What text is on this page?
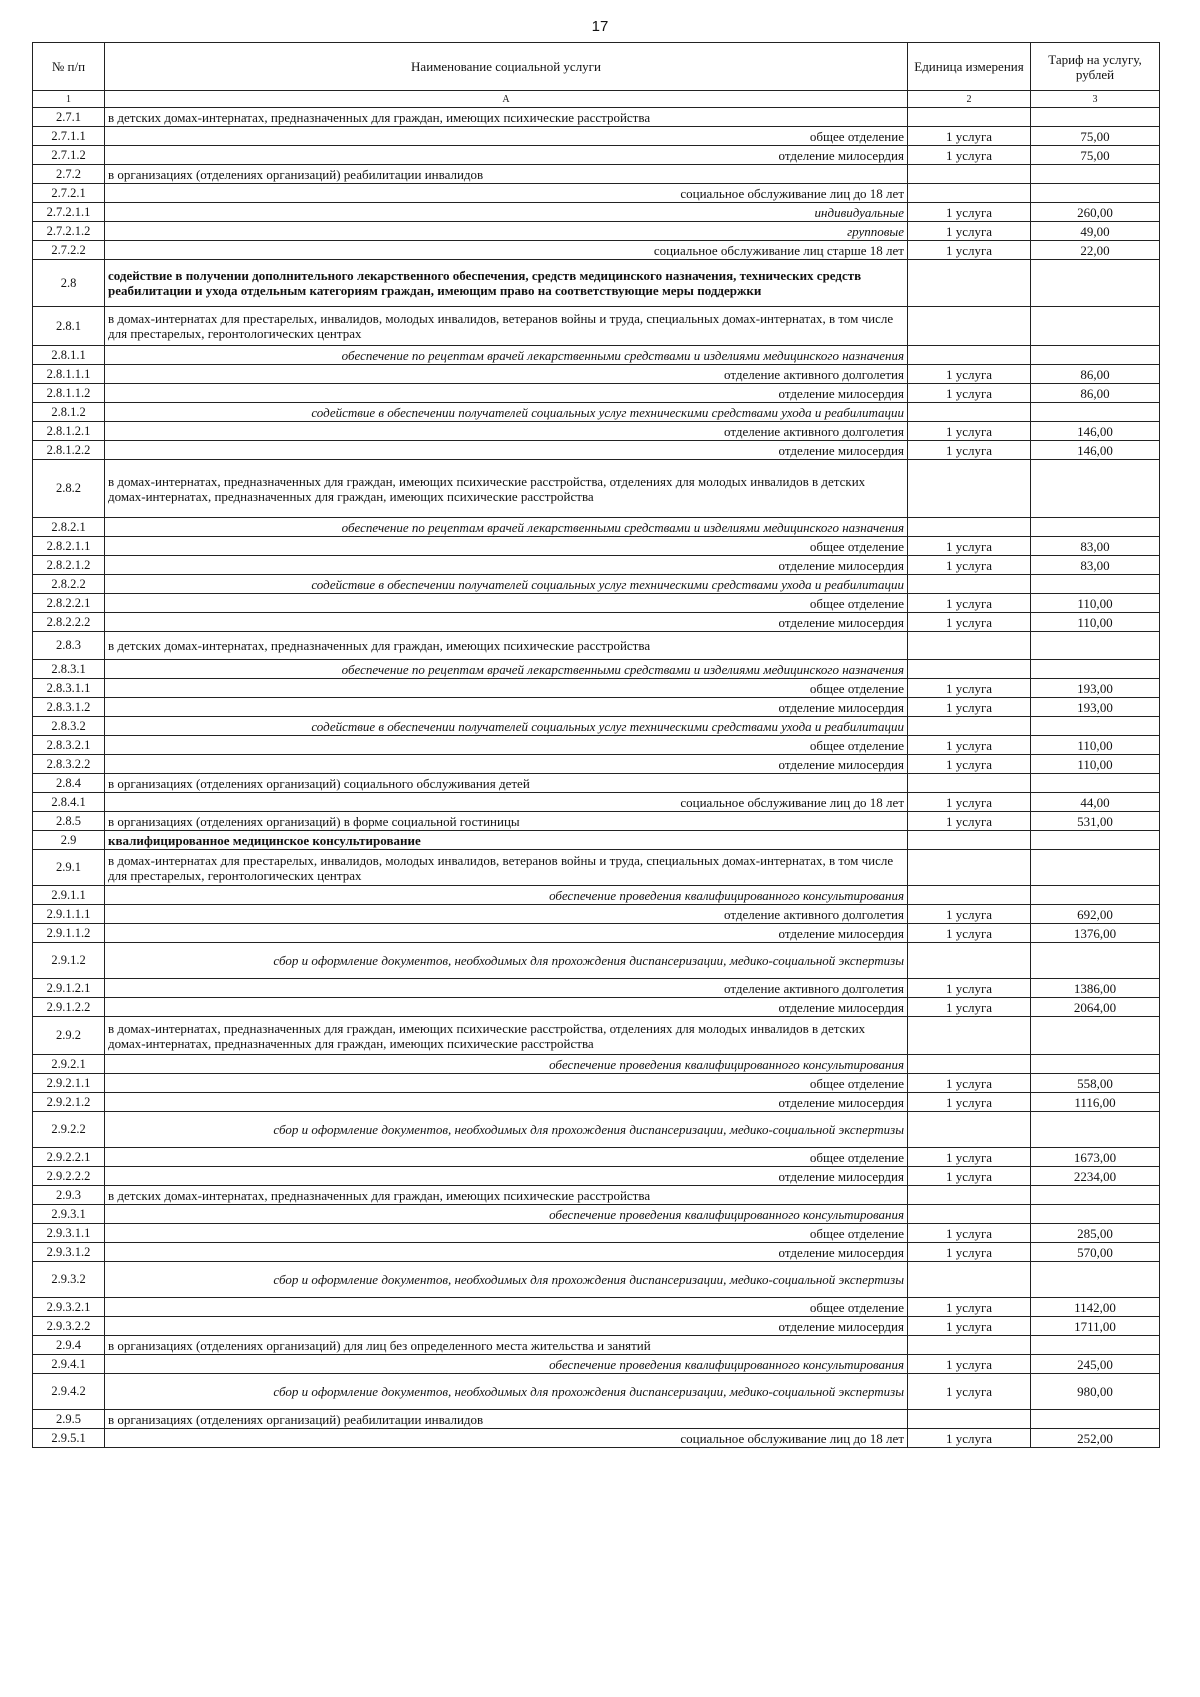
17
№ п/п	Наименование социальной услуги	Единица измерения	Тариф на услугу, рублей
1	А	2	3
2.7.1	в детских домах-интернатах, предназначенных для граждан, имеющих психические расстройства		
2.7.1.1	общее отделение	1 услуга	75,00
2.7.1.2	отделение милосердия	1 услуга	75,00
2.7.2	в организациях (отделениях организаций) реабилитации инвалидов		
2.7.2.1	социальное обслуживание лиц до 18 лет		
2.7.2.1.1	индивидуальные	1 услуга	260,00
2.7.2.1.2	групповые	1 услуга	49,00
2.7.2.2	социальное обслуживание лиц старше 18 лет	1 услуга	22,00
2.8	содействие в получении дополнительного лекарственного обеспечения, средств медицинского назначения, технических средств реабилитации и ухода отдельным категориям граждан, имеющим право на соответствующие меры поддержки		
2.8.1	в домах-интернатах для престарелых, инвалидов, молодых инвалидов, ветеранов войны и труда, специальных домах-интернатах, в том числе для престарелых, геронтологических центрах		
2.8.1.1	обеспечение по рецептам врачей лекарственными средствами и изделиями медицинского назначения		
2.8.1.1.1	отделение активного долголетия	1 услуга	86,00
2.8.1.1.2	отделение милосердия	1 услуга	86,00
2.8.1.2	содействие в обеспечении получателей социальных услуг техническими средствами ухода и реабилитации		
2.8.1.2.1	отделение активного долголетия	1 услуга	146,00
2.8.1.2.2	отделение милосердия	1 услуга	146,00
2.8.2	в домах-интернатах, предназначенных для граждан, имеющих психические расстройства, отделениях для молодых инвалидов в детских домах-интернатах, предназначенных для граждан, имеющих психические расстройства		
2.8.2.1	обеспечение по рецептам врачей лекарственными средствами и изделиями медицинского назначения		
2.8.2.1.1	общее отделение	1 услуга	83,00
2.8.2.1.2	отделение милосердия	1 услуга	83,00
2.8.2.2	содействие в обеспечении получателей социальных услуг техническими средствами ухода и реабилитации		
2.8.2.2.1	общее отделение	1 услуга	110,00
2.8.2.2.2	отделение милосердия	1 услуга	110,00
2.8.3	в детских домах-интернатах, предназначенных для граждан, имеющих психические расстройства		
2.8.3.1	обеспечение по рецептам врачей лекарственными средствами и изделиями медицинского назначения		
2.8.3.1.1	общее отделение	1 услуга	193,00
2.8.3.1.2	отделение милосердия	1 услуга	193,00
2.8.3.2	содействие в обеспечении получателей социальных услуг техническими средствами ухода и реабилитации		
2.8.3.2.1	общее отделение	1 услуга	110,00
2.8.3.2.2	отделение милосердия	1 услуга	110,00
2.8.4	в организациях (отделениях организаций) социального обслуживания детей		
2.8.4.1	социальное обслуживание лиц до 18 лет	1 услуга	44,00
2.8.5	в организациях (отделениях организаций) в форме социальной гостиницы	1 услуга	531,00
2.9	квалифицированное медицинское консультирование		
2.9.1	в домах-интернатах для престарелых, инвалидов, молодых инвалидов, ветеранов войны и труда, специальных домах-интернатах, в том числе для престарелых, геронтологических центрах		
2.9.1.1	обеспечение проведения квалифицированного консультирования		
2.9.1.1.1	отделение активного долголетия	1 услуга	692,00
2.9.1.1.2	отделение милосердия	1 услуга	1376,00
2.9.1.2	сбор и оформление документов, необходимых для прохождения диспансеризации, медико-социальной экспертизы		
2.9.1.2.1	отделение активного долголетия	1 услуга	1386,00
2.9.1.2.2	отделение милосердия	1 услуга	2064,00
2.9.2	в домах-интернатах, предназначенных для граждан, имеющих психические расстройства, отделениях для молодых инвалидов в детских домах-интернатах, предназначенных для граждан, имеющих психические расстройства		
2.9.2.1	обеспечение проведения квалифицированного консультирования		
2.9.2.1.1	общее отделение	1 услуга	558,00
2.9.2.1.2	отделение милосердия	1 услуга	1116,00
2.9.2.2	сбор и оформление документов, необходимых для прохождения диспансеризации, медико-социальной экспертизы		
2.9.2.2.1	общее отделение	1 услуга	1673,00
2.9.2.2.2	отделение милосердия	1 услуга	2234,00
2.9.3	в детских домах-интернатах, предназначенных для граждан, имеющих психические расстройства		
2.9.3.1	обеспечение проведения квалифицированного консультирования		
2.9.3.1.1	общее отделение	1 услуга	285,00
2.9.3.1.2	отделение милосердия	1 услуга	570,00
2.9.3.2	сбор и оформление документов, необходимых для прохождения диспансеризации, медико-социальной экспертизы		
2.9.3.2.1	общее отделение	1 услуга	1142,00
2.9.3.2.2	отделение милосердия	1 услуга	1711,00
2.9.4	в организациях (отделениях организаций) для лиц без определенного места жительства и занятий		
2.9.4.1	обеспечение проведения квалифицированного консультирования	1 услуга	245,00
2.9.4.2	сбор и оформление документов, необходимых для прохождения диспансеризации, медико-социальной экспертизы	1 услуга	980,00
2.9.5	в организациях (отделениях организаций) реабилитации инвалидов		
2.9.5.1	социальное обслуживание лиц до 18 лет	1 услуга	252,00
